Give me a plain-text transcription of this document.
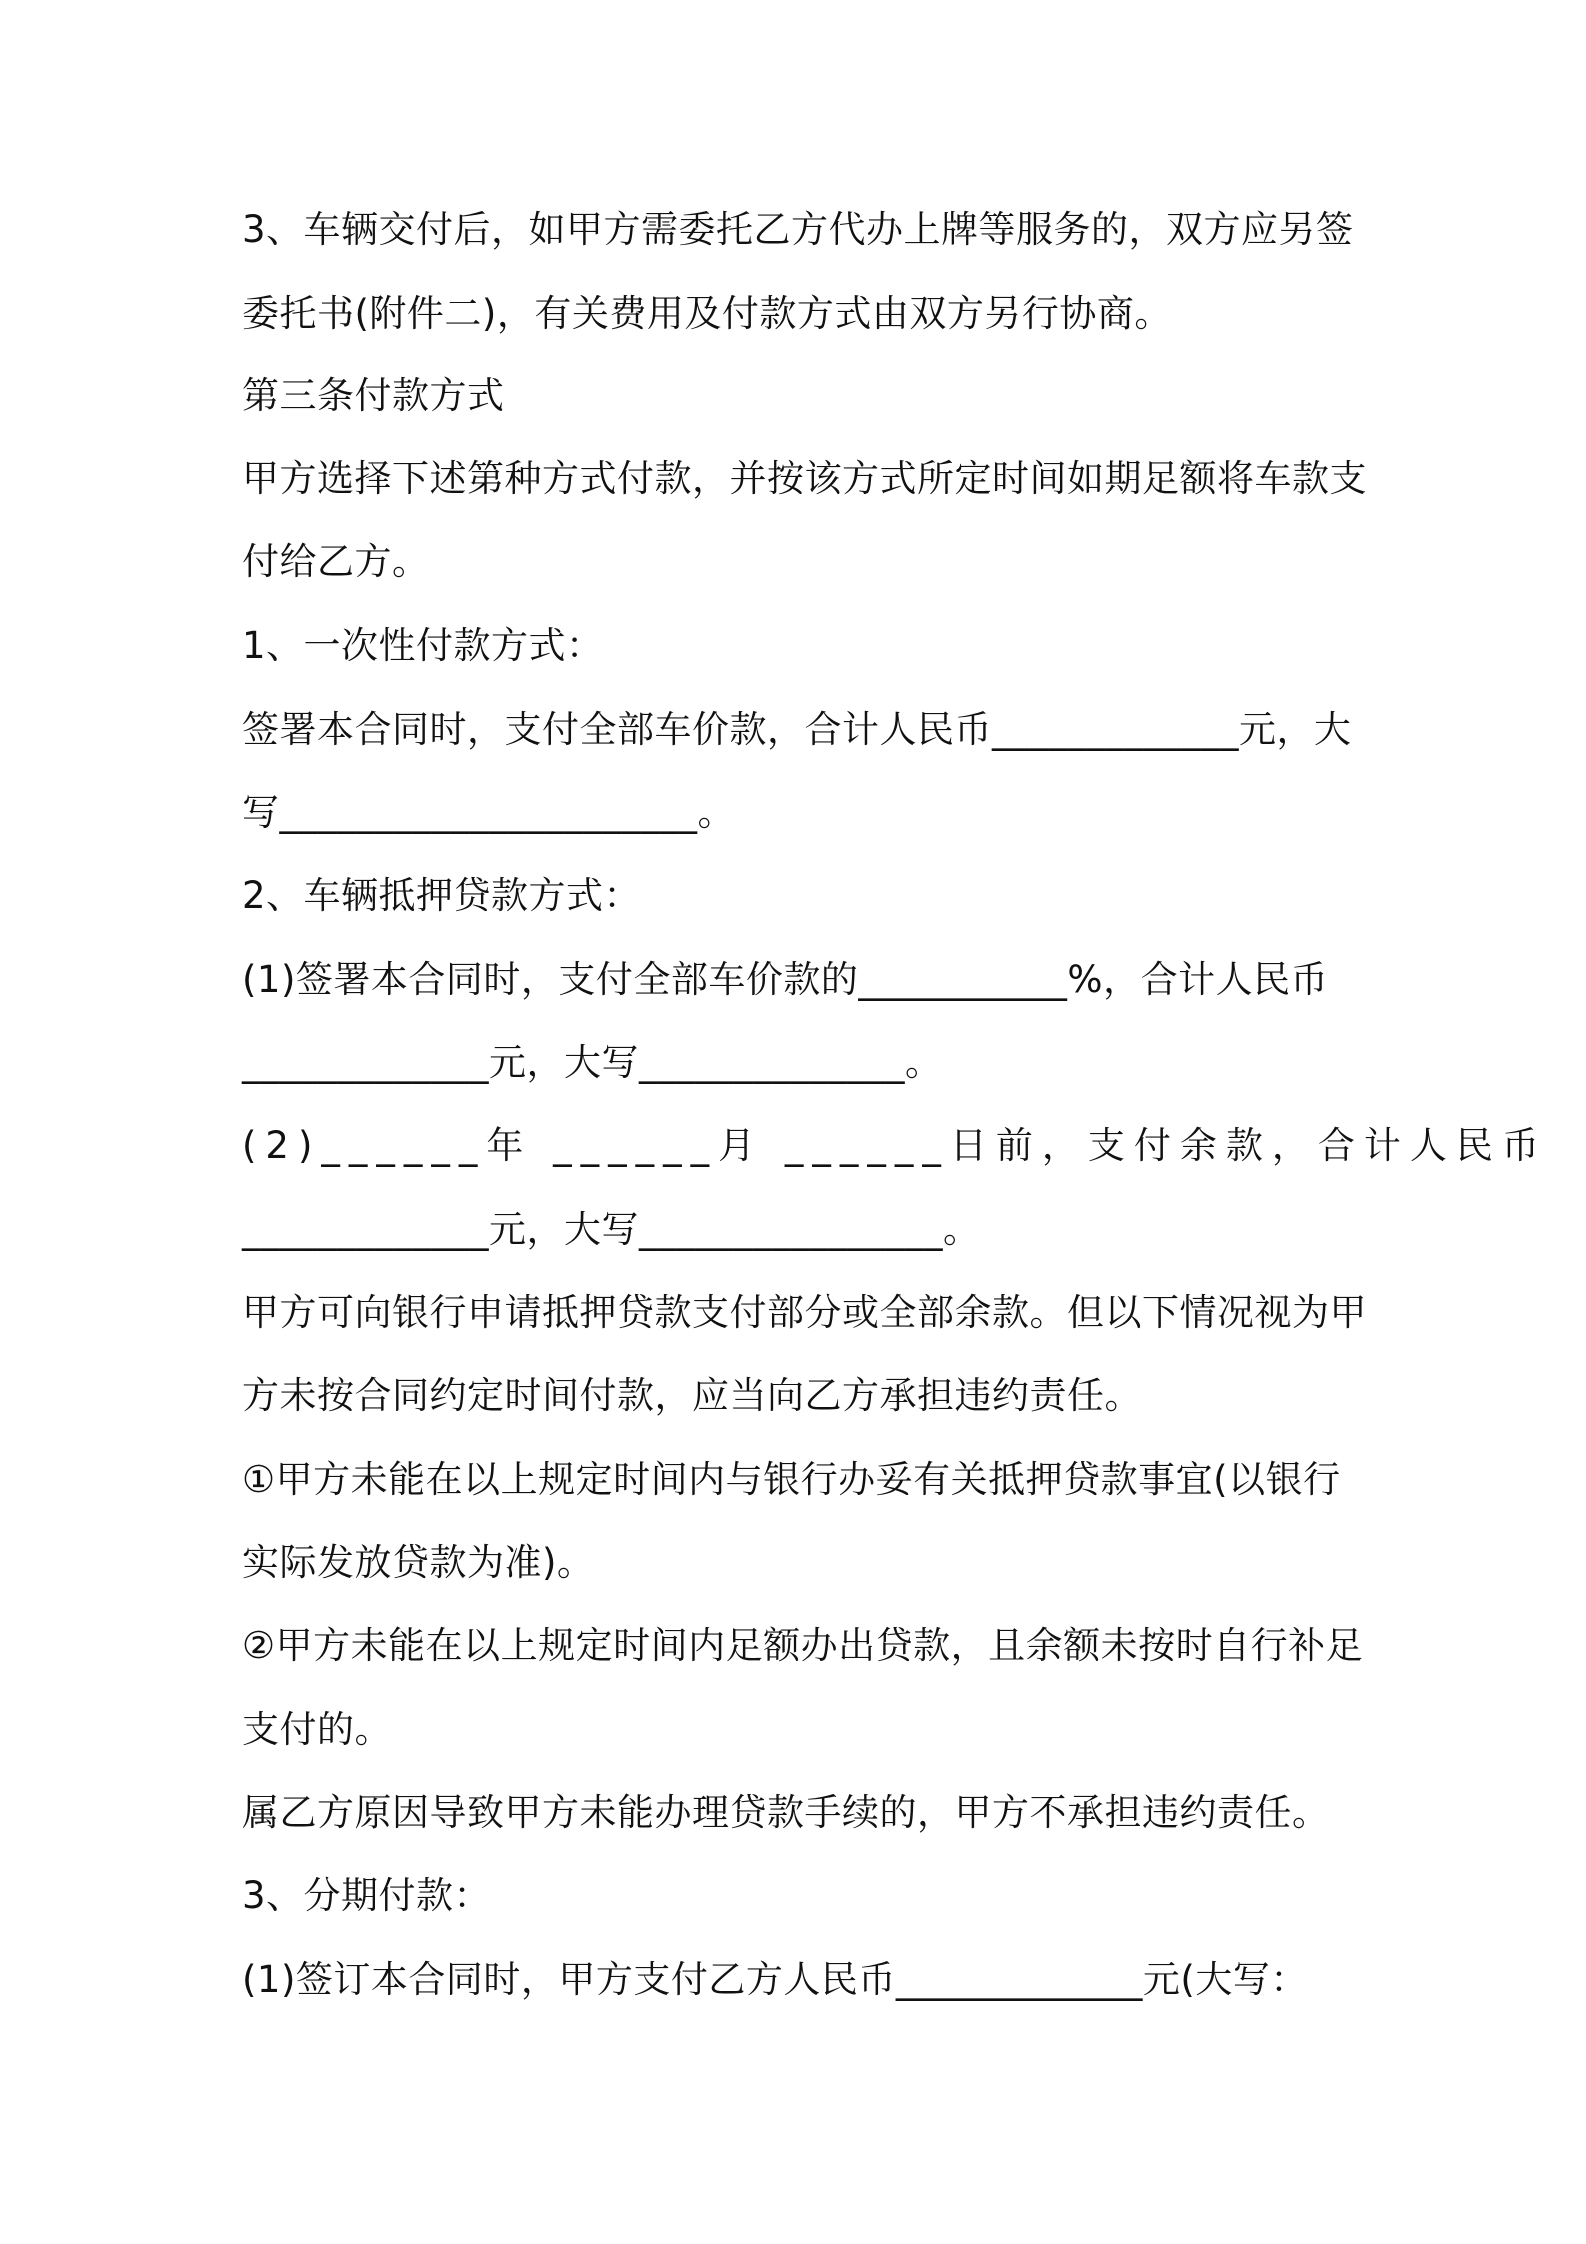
3、车辆交付后，如甲方需委托乙方代办上牌等服务的，双方应另签
委托书(附件二)，有关费用及付款方式由双方另行协商。
第三条付款方式
甲方选择下述第种方式付款，并按该方式所定时间如期足额将车款支
付给乙方。
1、一次性付款方式：
签署本合同时，支付全部车价款，合计人民币_____________元，大
写______________________。
2、车辆抵押贷款方式：
(1)签署本合同时，支付全部车价款的___________%，合计人民币
_____________元，大写______________。
(2)______年 ______月 ______日前，支付余款，合计人民币
_____________元，大写________________。
甲方可向银行申请抵押贷款支付部分或全部余款。但以下情况视为甲
方未按合同约定时间付款，应当向乙方承担违约责任。
①甲方未能在以上规定时间内与银行办妥有关抵押贷款事宜(以银行
实际发放贷款为准)。
②甲方未能在以上规定时间内足额办出贷款，且余额未按时自行补足
支付的。
属乙方原因导致甲方未能办理贷款手续的，甲方不承担违约责任。
3、分期付款：
(1)签订本合同时，甲方支付乙方人民币_____________元(大写：
